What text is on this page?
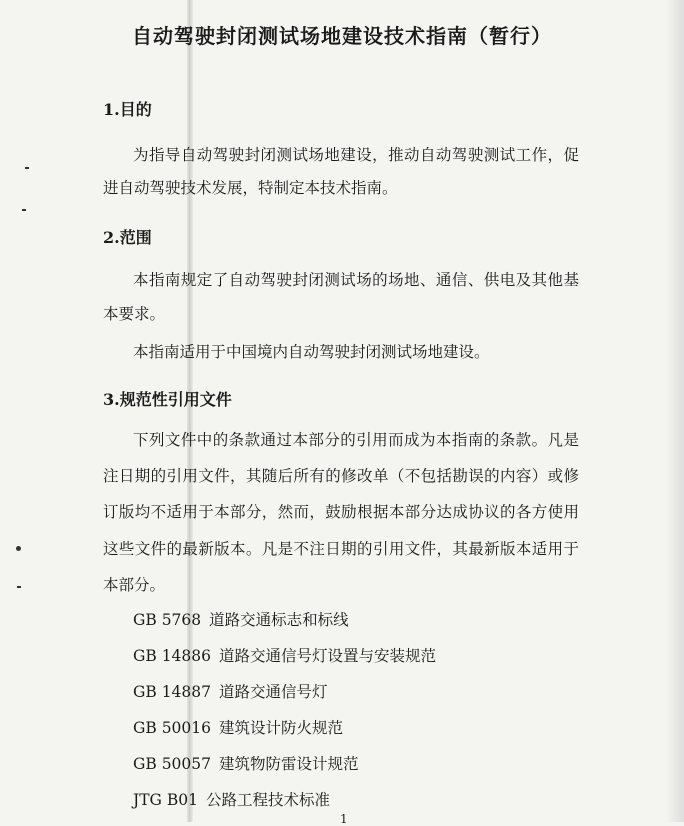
自动驾驶封闭测试场地建设技术指南（暂行）
1.目的
为指导自动驾驶封闭测试场地建设，推动自动驾驶测试工作，促
进自动驾驶技术发展，特制定本技术指南。
2.范围
本指南规定了自动驾驶封闭测试场的场地、通信、供电及其他基
本要求。
本指南适用于中国境内自动驾驶封闭测试场地建设。
3.规范性引用文件
下列文件中的条款通过本部分的引用而成为本指南的条款。凡是
注日期的引用文件，其随后所有的修改单（不包括勘误的内容）或修
订版均不适用于本部分，然而，鼓励根据本部分达成协议的各方使用
这些文件的最新版本。凡是不注日期的引用文件，其最新版本适用于
本部分。
GB 5768 道路交通标志和标线
GB 14886 道路交通信号灯设置与安装规范
GB 14887 道路交通信号灯
GB 50016 建筑设计防火规范
GB 50057 建筑物防雷设计规范
JTG B01 公路工程技术标准
1
